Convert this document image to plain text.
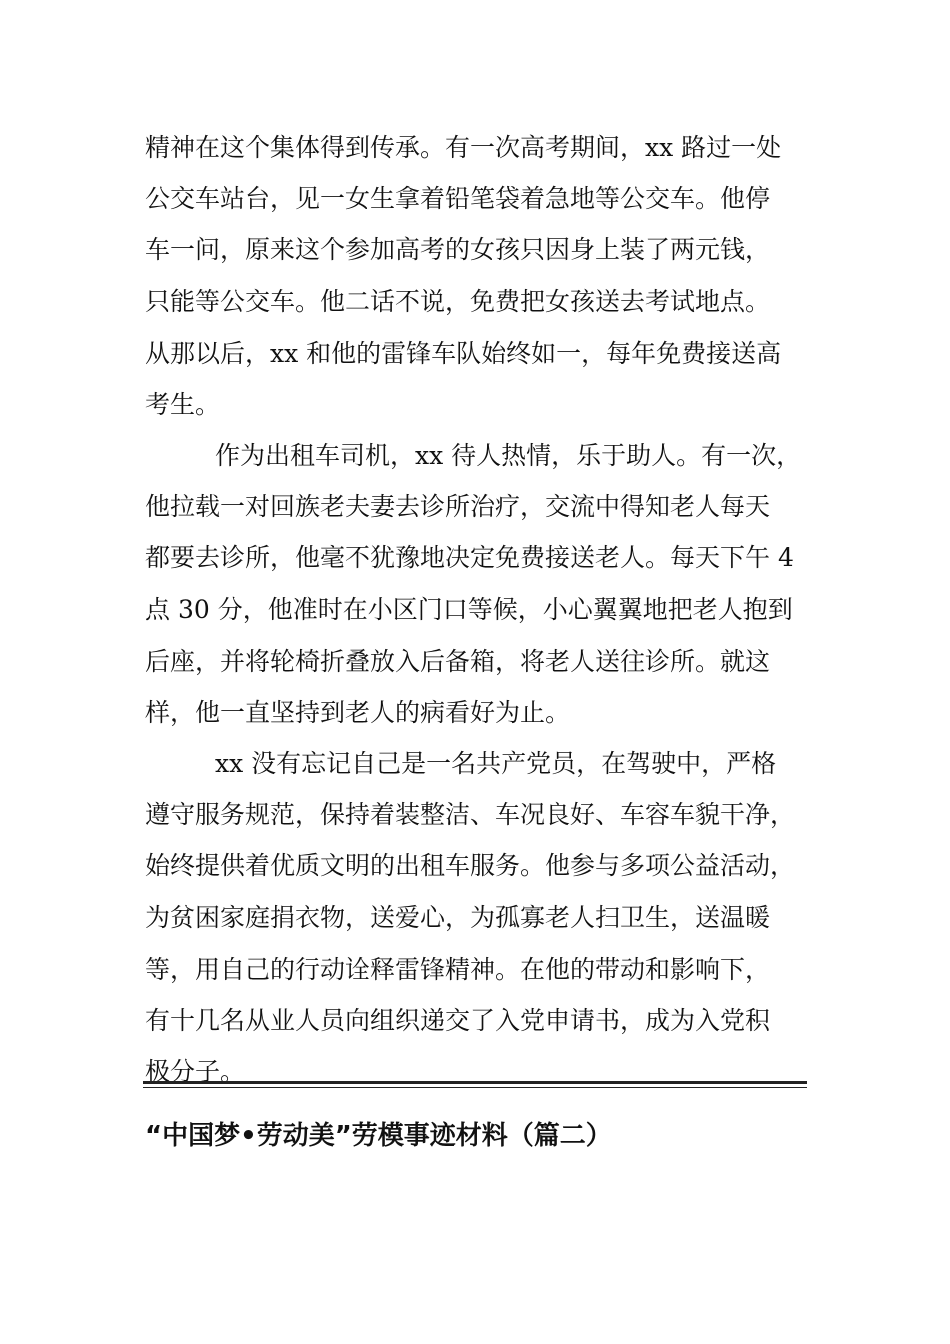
精神在这个集体得到传承。有一次高考期间，xx 路过一处
公交车站台，见一女生拿着铅笔袋着急地等公交车。他停
车一问，原来这个参加高考的女孩只因身上装了两元钱，
只能等公交车。他二话不说，免费把女孩送去考试地点。
从那以后，xx 和他的雷锋车队始终如一，每年免费接送高
考生。
作为出租车司机，xx 待人热情，乐于助人。有一次，
他拉载一对回族老夫妻去诊所治疗，交流中得知老人每天
都要去诊所，他毫不犹豫地决定免费接送老人。每天下午 4
点 30 分，他准时在小区门口等候，小心翼翼地把老人抱到
后座，并将轮椅折叠放入后备箱，将老人送往诊所。就这
样，他一直坚持到老人的病看好为止。
xx 没有忘记自己是一名共产党员，在驾驶中，严格
遵守服务规范，保持着装整洁、车况良好、车容车貌干净，
始终提供着优质文明的出租车服务。他参与多项公益活动，
为贫困家庭捐衣物，送爱心，为孤寡老人扫卫生，送温暖
等，用自己的行动诠释雷锋精神。在他的带动和影响下，
有十几名从业人员向组织递交了入党申请书，成为入党积
极分子。
“中国梦•劳动美”劳模事迹材料（篇二）
